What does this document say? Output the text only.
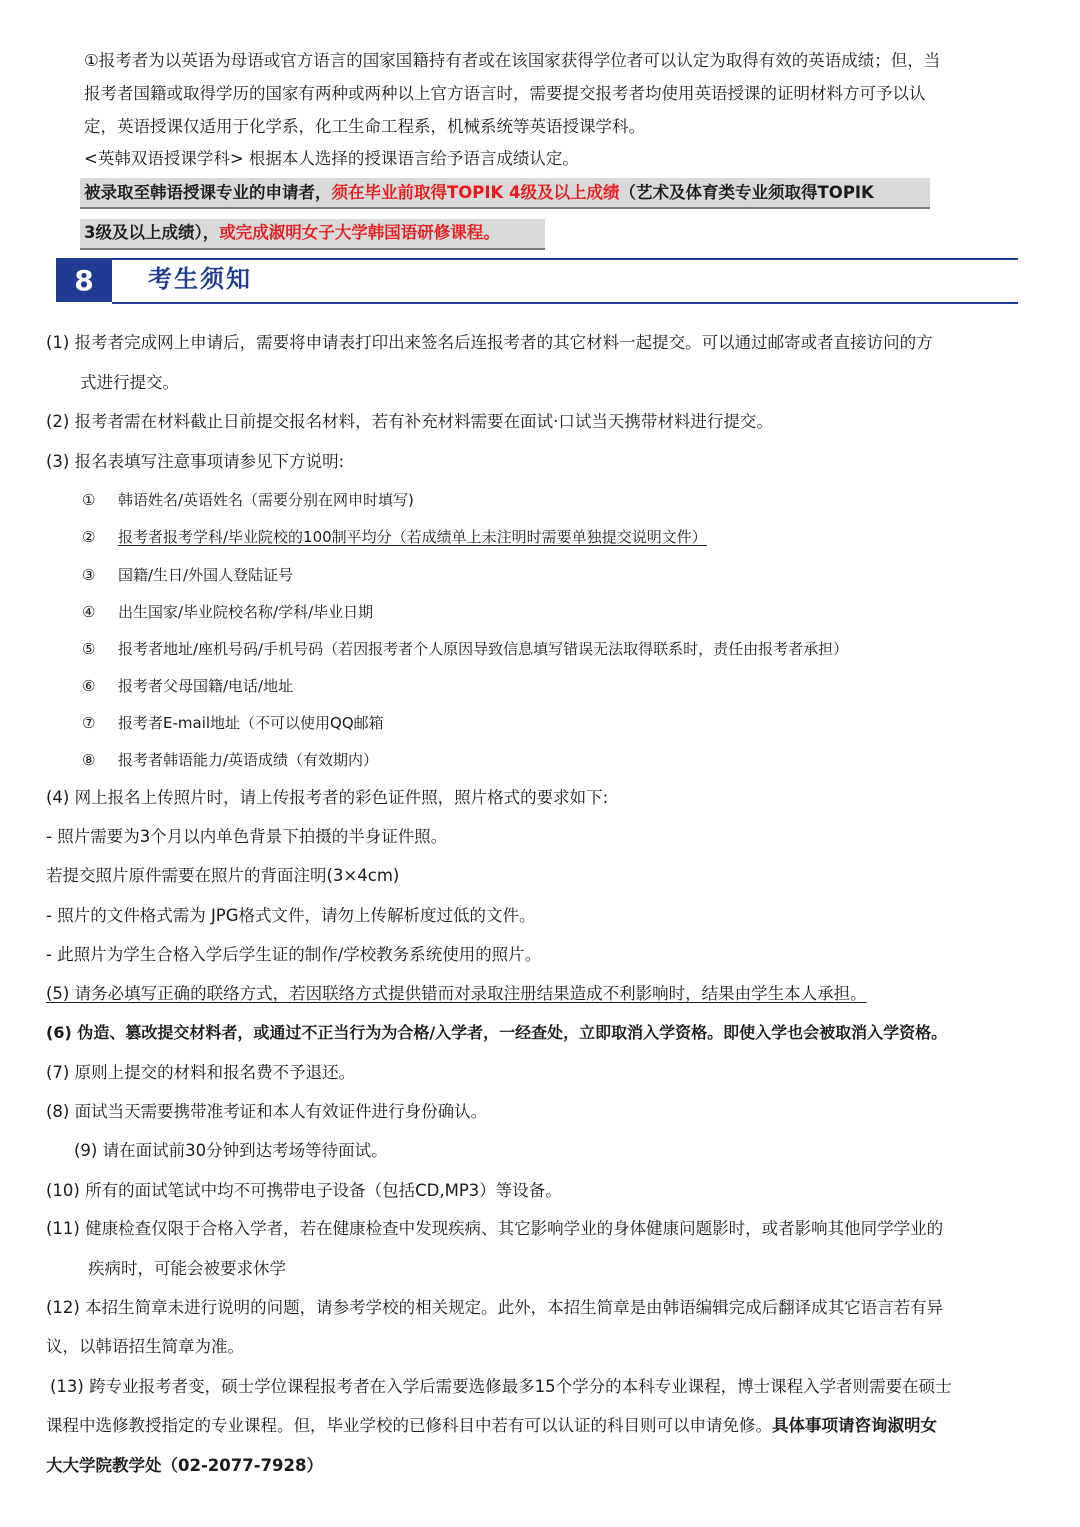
①报考者为以英语为母语或官方语言的国家国籍持有者或在该国家获得学位者可以认定为取得有效的英语成绩；但，当
报考者国籍或取得学历的国家有两种或两种以上官方语言时，需要提交报考者均使用英语授课的证明材料方可予以认
定，英语授课仅适用于化学系，化工生命工程系，机械系统等英语授课学科。
<英韩双语授课学科> 根据本人选择的授课语言给予语言成绩认定。
被录取至韩语授课专业的申请者，须在毕业前取得TOPIK 4级及以上成绩（艺术及体育类专业须取得TOPIK
3级及以上成绩），或完成淑明女子大学韩国语研修课程。
8	考生须知
(1) 报考者完成网上申请后，需要将申请表打印出来签名后连报考者的其它材料一起提交。可以通过邮寄或者直接访问的方
式进行提交。
(2) 报考者需在材料截止日前提交报名材料，若有补充材料需要在面试·口试当天携带材料进行提交。
(3) 报名表填写注意事项请参见下方说明:
① 韩语姓名/英语姓名（需要分别在网申时填写)
② 报考者报考学科/毕业院校的100制平均分（若成绩单上未注明时需要单独提交说明文件）
③ 国籍/生日/外国人登陆证号
④ 出生国家/毕业院校名称/学科/毕业日期
⑤ 报考者地址/座机号码/手机号码（若因报考者个人原因导致信息填写错误无法取得联系时，责任由报考者承担）
⑥ 报考者父母国籍/电话/地址
⑦ 报考者E-mail地址（不可以使用QQ邮箱
⑧ 报考者韩语能力/英语成绩（有效期内）
(4) 网上报名上传照片时，请上传报考者的彩色证件照，照片格式的要求如下:
- 照片需要为3个月以内单色背景下拍摄的半身证件照。
若提交照片原件需要在照片的背面注明(3×4cm)
- 照片的文件格式需为 JPG格式文件，请勿上传解析度过低的文件。
- 此照片为学生合格入学后学生证的制作/学校教务系统使用的照片。
(5) 请务必填写正确的联络方式，若因联络方式提供错而对录取注册结果造成不利影响时，结果由学生本人承担。
(6) 伪造、篡改提交材料者，或通过不正当行为为合格/入学者，一经查处，立即取消入学资格。即使入学也会被取消入学资格。
(7) 原则上提交的材料和报名费不予退还。
(8) 面试当天需要携带准考证和本人有效证件进行身份确认。
(9) 请在面试前30分钟到达考场等待面试。
(10) 所有的面试笔试中均不可携带电子设备（包括CD,MP3）等设备。
(11) 健康检查仅限于合格入学者，若在健康检查中发现疾病、其它影响学业的身体健康问题影时，或者影响其他同学学业的
疾病时，可能会被要求休学
(12) 本招生简章未进行说明的问题，请参考学校的相关规定。此外，本招生简章是由韩语编辑完成后翻译成其它语言若有异
议，以韩语招生简章为准。
(13) 跨专业报考者变，硕士学位课程报考者在入学后需要选修最多15个学分的本科专业课程，博士课程入学者则需要在硕士
课程中选修教授指定的专业课程。但，毕业学校的已修科目中若有可以认证的科目则可以申请免修。具体事项请咨询淑明女
大大学院教学处（02-2077-7928）
